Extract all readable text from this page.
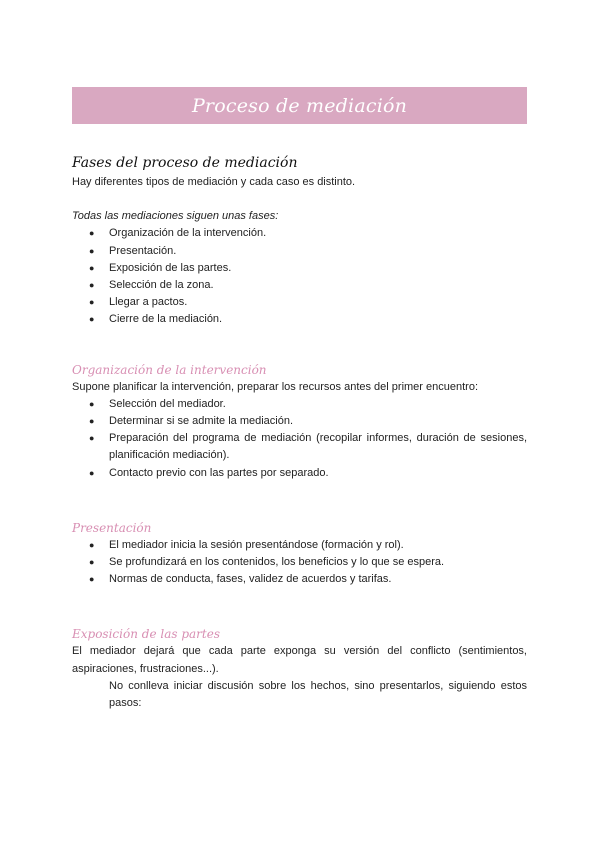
Proceso de mediación
Fases del proceso de mediación

Hay diferentes tipos de mediación y cada caso es distinto.

Todas las mediaciones siguen unas fases:

● Organización de la intervención.
● Presentación.
● Exposición de las partes.
● Selección de la zona.
● Llegar a pactos.
● Cierre de la mediación.
Organización de la intervención

Supone planificar la intervención, preparar los recursos antes del primer encuentro:

● Selección del mediador.
● Determinar si se admite la mediación.
● Preparación del programa de mediación (recopilar informes, duración de sesiones, planificación mediación).
● Contacto previo con las partes por separado.
Presentación
● El mediador inicia la sesión presentándose (formación y rol).
● Se profundizará en los contenidos, los beneficios y lo que se espera.
● Normas de conducta, fases, validez de acuerdos y tarifas.
Exposición de las partes

El mediador dejará que cada parte exponga su versión del conflicto (sentimientos, aspiraciones, frustraciones...).

No conlleva iniciar discusión sobre los hechos, sino presentarlos, siguiendo estos pasos:
